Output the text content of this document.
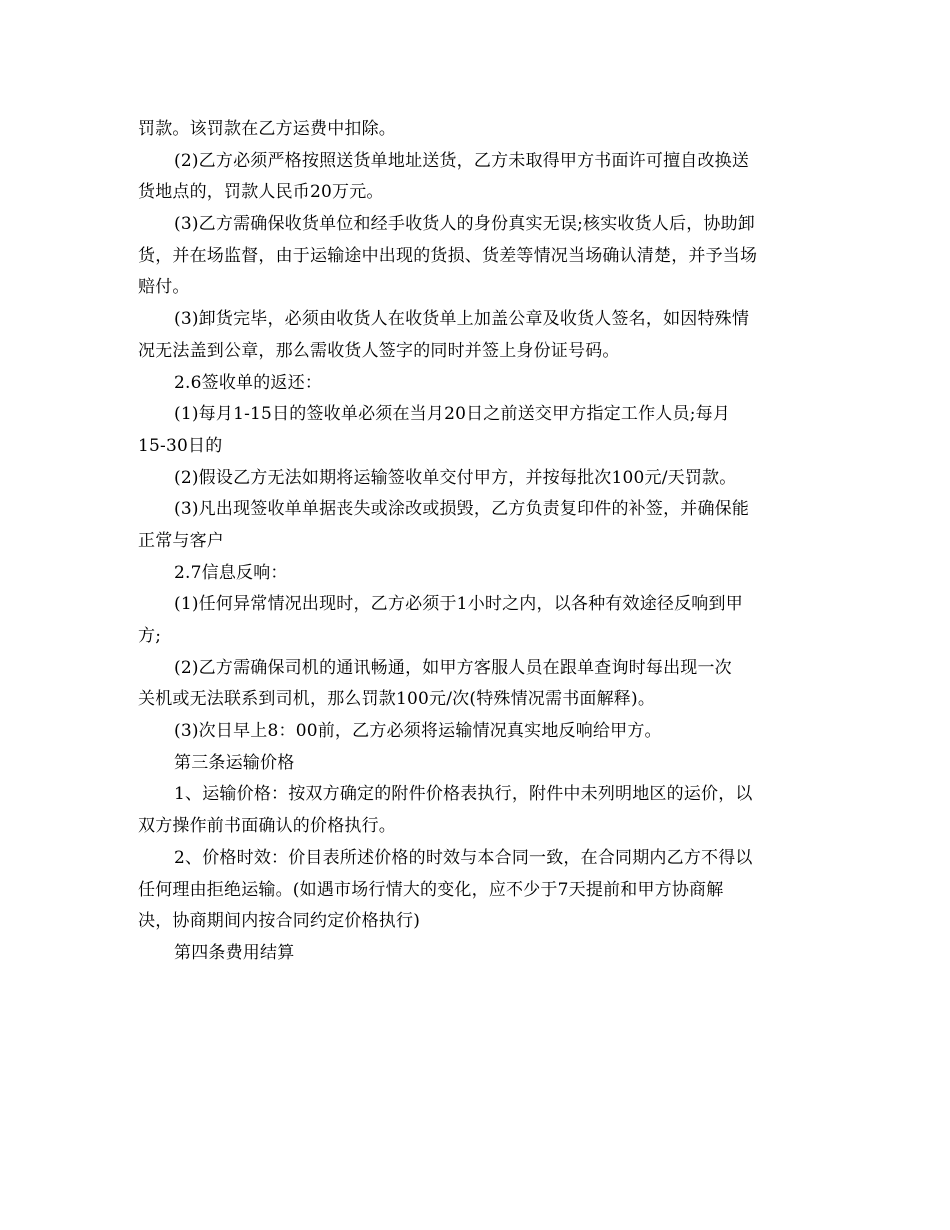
罚款。该罚款在乙方运费中扣除。
(2)乙方必须严格按照送货单地址送货，乙方未取得甲方书面许可擅自改换送
货地点的，罚款人民币20万元。
(3)乙方需确保收货单位和经手收货人的身份真实无误;核实收货人后，协助卸
货，并在场监督，由于运输途中出现的货损、货差等情况当场确认清楚，并予当场
赔付。
(3)卸货完毕，必须由收货人在收货单上加盖公章及收货人签名，如因特殊情
况无法盖到公章，那么需收货人签字的同时并签上身份证号码。
2.6签收单的返还：
(1)每月1-15日的签收单必须在当月20日之前送交甲方指定工作人员;每月
15-30日的
(2)假设乙方无法如期将运输签收单交付甲方，并按每批次100元/天罚款。
(3)凡出现签收单单据丧失或涂改或损毁，乙方负责复印件的补签，并确保能
正常与客户
2.7信息反响：
(1)任何异常情况出现时，乙方必须于1小时之内，以各种有效途径反响到甲
方;
(2)乙方需确保司机的通讯畅通，如甲方客服人员在跟单查询时每出现一次
关机或无法联系到司机，那么罚款100元/次(特殊情况需书面解释)。
(3)次日早上8：00前，乙方必须将运输情况真实地反响给甲方。
第三条运输价格
1、运输价格：按双方确定的附件价格表执行，附件中未列明地区的运价，以
双方操作前书面确认的价格执行。
2、价格时效：价目表所述价格的时效与本合同一致，在合同期内乙方不得以
任何理由拒绝运输。(如遇市场行情大的变化，应不少于7天提前和甲方协商解
决，协商期间内按合同约定价格执行)
第四条费用结算
